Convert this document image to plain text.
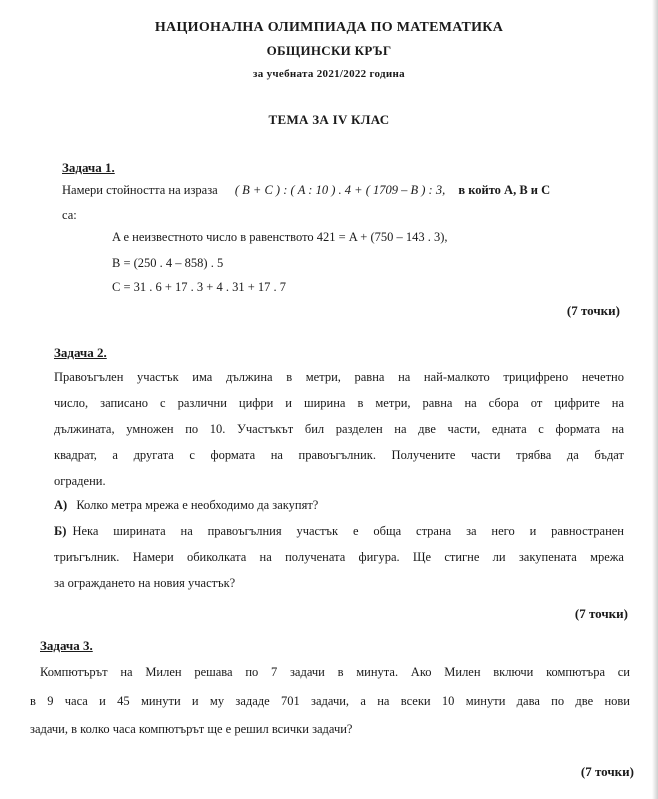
НАЦИОНАЛНА ОЛИМПИАДА ПО МАТЕМАТИКА
ОБЩИНСКИ КРЪГ
за учебната 2021/2022 година
ТЕМА ЗА IV КЛАС
Задача 1.
Намери стойността на израза ( B + C ) : ( A : 10 ) . 4 + ( 1709 – B ) : 3, в който A, B и C
са:
A е неизвестното число в равенството 421 = A + (750 – 143 . 3),
B = (250 . 4 – 858) . 5
C = 31 . 6 + 17 . 3 + 4 . 31 + 17 . 7
(7 точки)
Задача 2.
Правоъгълен участък има дължина в метри, равна на най-малкото трицифрено нечетно
число, записано с различни цифри и ширина в метри, равна на сбора от цифрите на
дължината, умножен по 10. Участъкът бил разделен на две части, едната с формата на
квадрат, а другата с формата на правоъгълник. Получените части трябва да бъдат
оградени.
А) Колко метра мрежа е необходимо да закупят?
Б) Нека ширината на правоъгълния участък е обща страна за него и равностранен
триъгълник. Намери обиколката на получената фигура. Ще стигне ли закупената мрежа
за ограждането на новия участък?
(7 точки)
Задача 3.
Компютърът на Милен решава по 7 задачи в минута. Ако Милен включи компютъра си
в 9 часа и 45 минути и му зададе 701 задачи, а на всеки 10 минути дава по две нови
задачи, в колко часа компютърът ще е решил всички задачи?
(7 точки)
